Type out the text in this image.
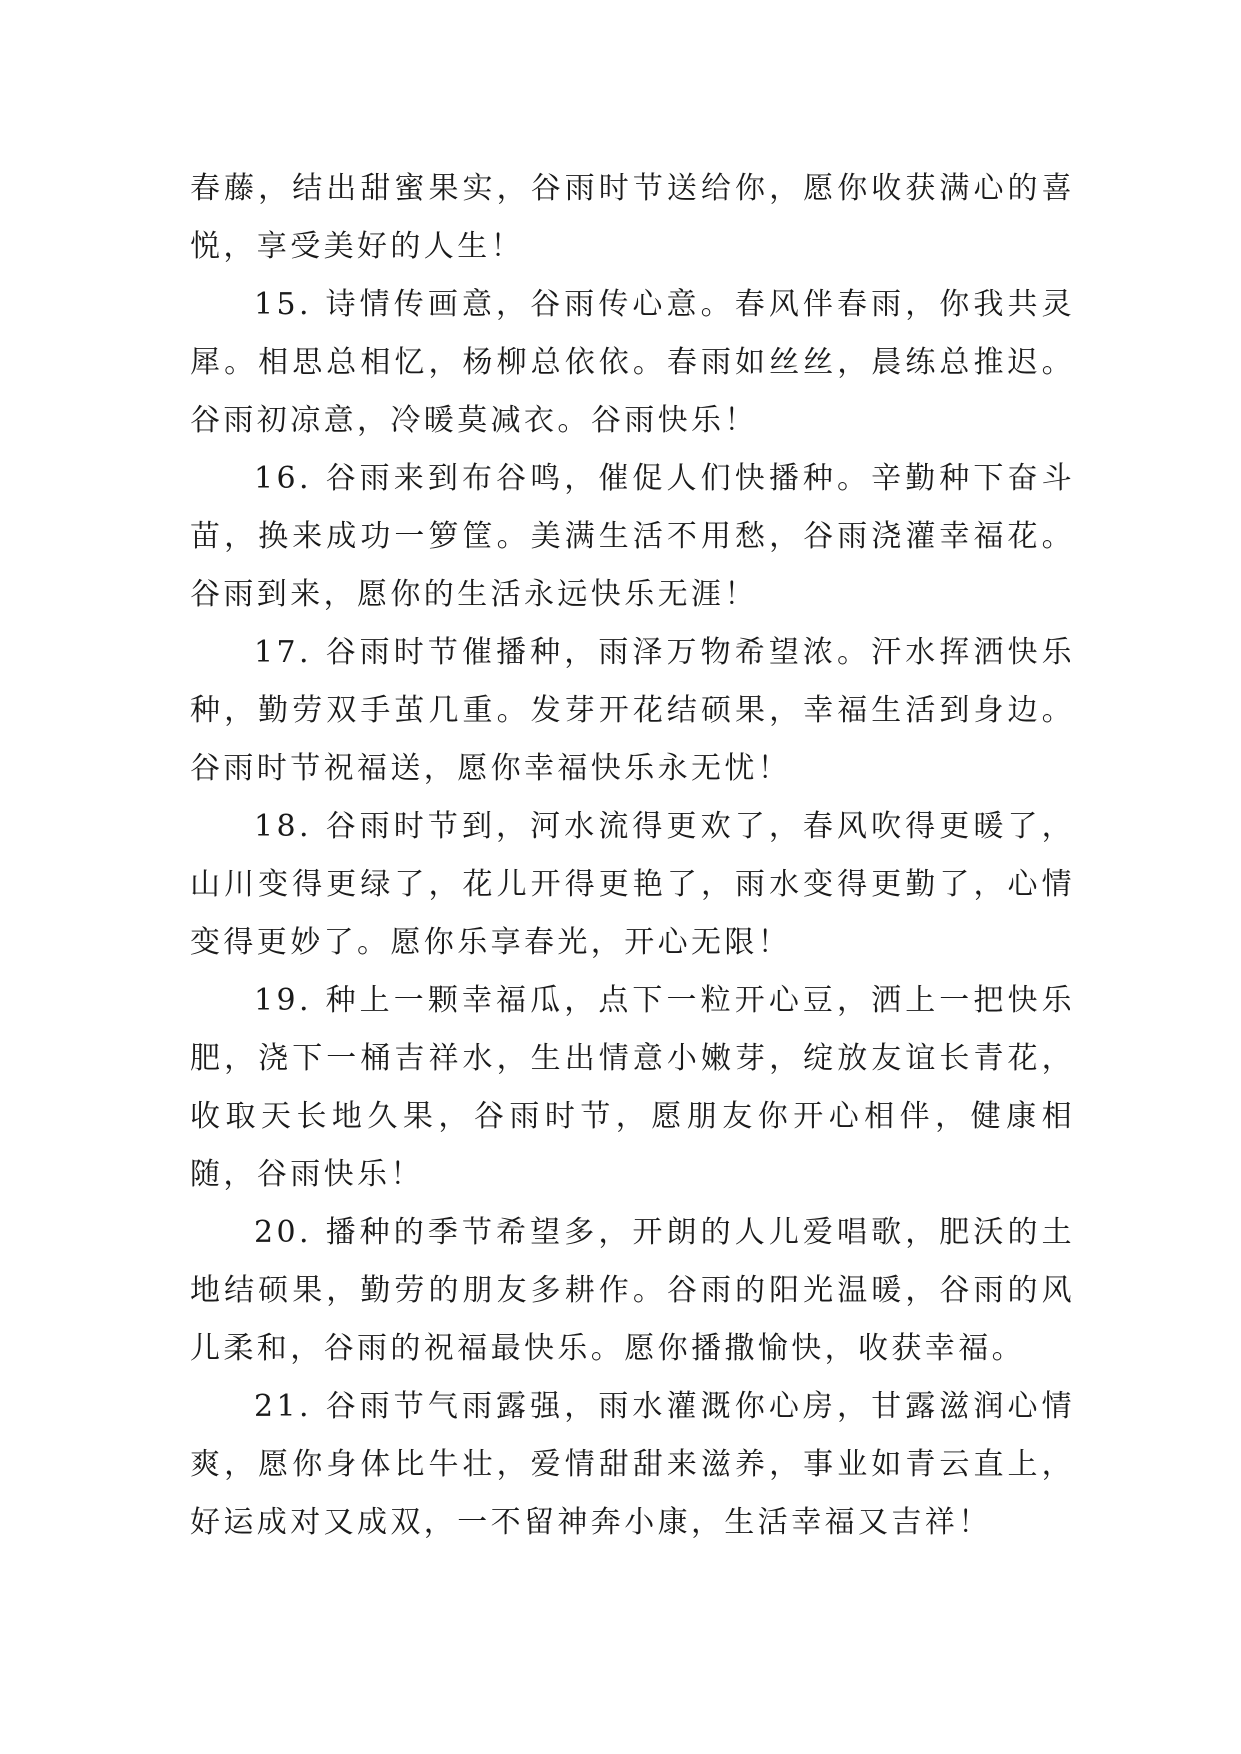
春藤，结出甜蜜果实，谷雨时节送给你，愿你收获满心的喜悦，享受美好的人生！

15. 诗情传画意，谷雨传心意。春风伴春雨，你我共灵犀。相思总相忆，杨柳总依依。春雨如丝丝，晨练总推迟。谷雨初凉意，冷暖莫减衣。谷雨快乐！

16. 谷雨来到布谷鸣，催促人们快播种。辛勤种下奋斗苗，换来成功一箩筐。美满生活不用愁，谷雨浇灌幸福花。谷雨到来，愿你的生活永远快乐无涯！

17. 谷雨时节催播种，雨泽万物希望浓。汗水挥洒快乐种，勤劳双手茧几重。发芽开花结硕果，幸福生活到身边。谷雨时节祝福送，愿你幸福快乐永无忧！

18. 谷雨时节到，河水流得更欢了，春风吹得更暖了，山川变得更绿了，花儿开得更艳了，雨水变得更勤了，心情变得更妙了。愿你乐享春光，开心无限！

19. 种上一颗幸福瓜，点下一粒开心豆，洒上一把快乐肥，浇下一桶吉祥水，生出情意小嫩芽，绽放友谊长青花，收取天长地久果，谷雨时节，愿朋友你开心相伴，健康相随，谷雨快乐！

20. 播种的季节希望多，开朗的人儿爱唱歌，肥沃的土地结硕果，勤劳的朋友多耕作。谷雨的阳光温暖，谷雨的风儿柔和，谷雨的祝福最快乐。愿你播撒愉快，收获幸福。

21. 谷雨节气雨露强，雨水灌溉你心房，甘露滋润心情爽，愿你身体比牛壮，爱情甜甜来滋养，事业如青云直上，好运成对又成双，一不留神奔小康，生活幸福又吉祥！
